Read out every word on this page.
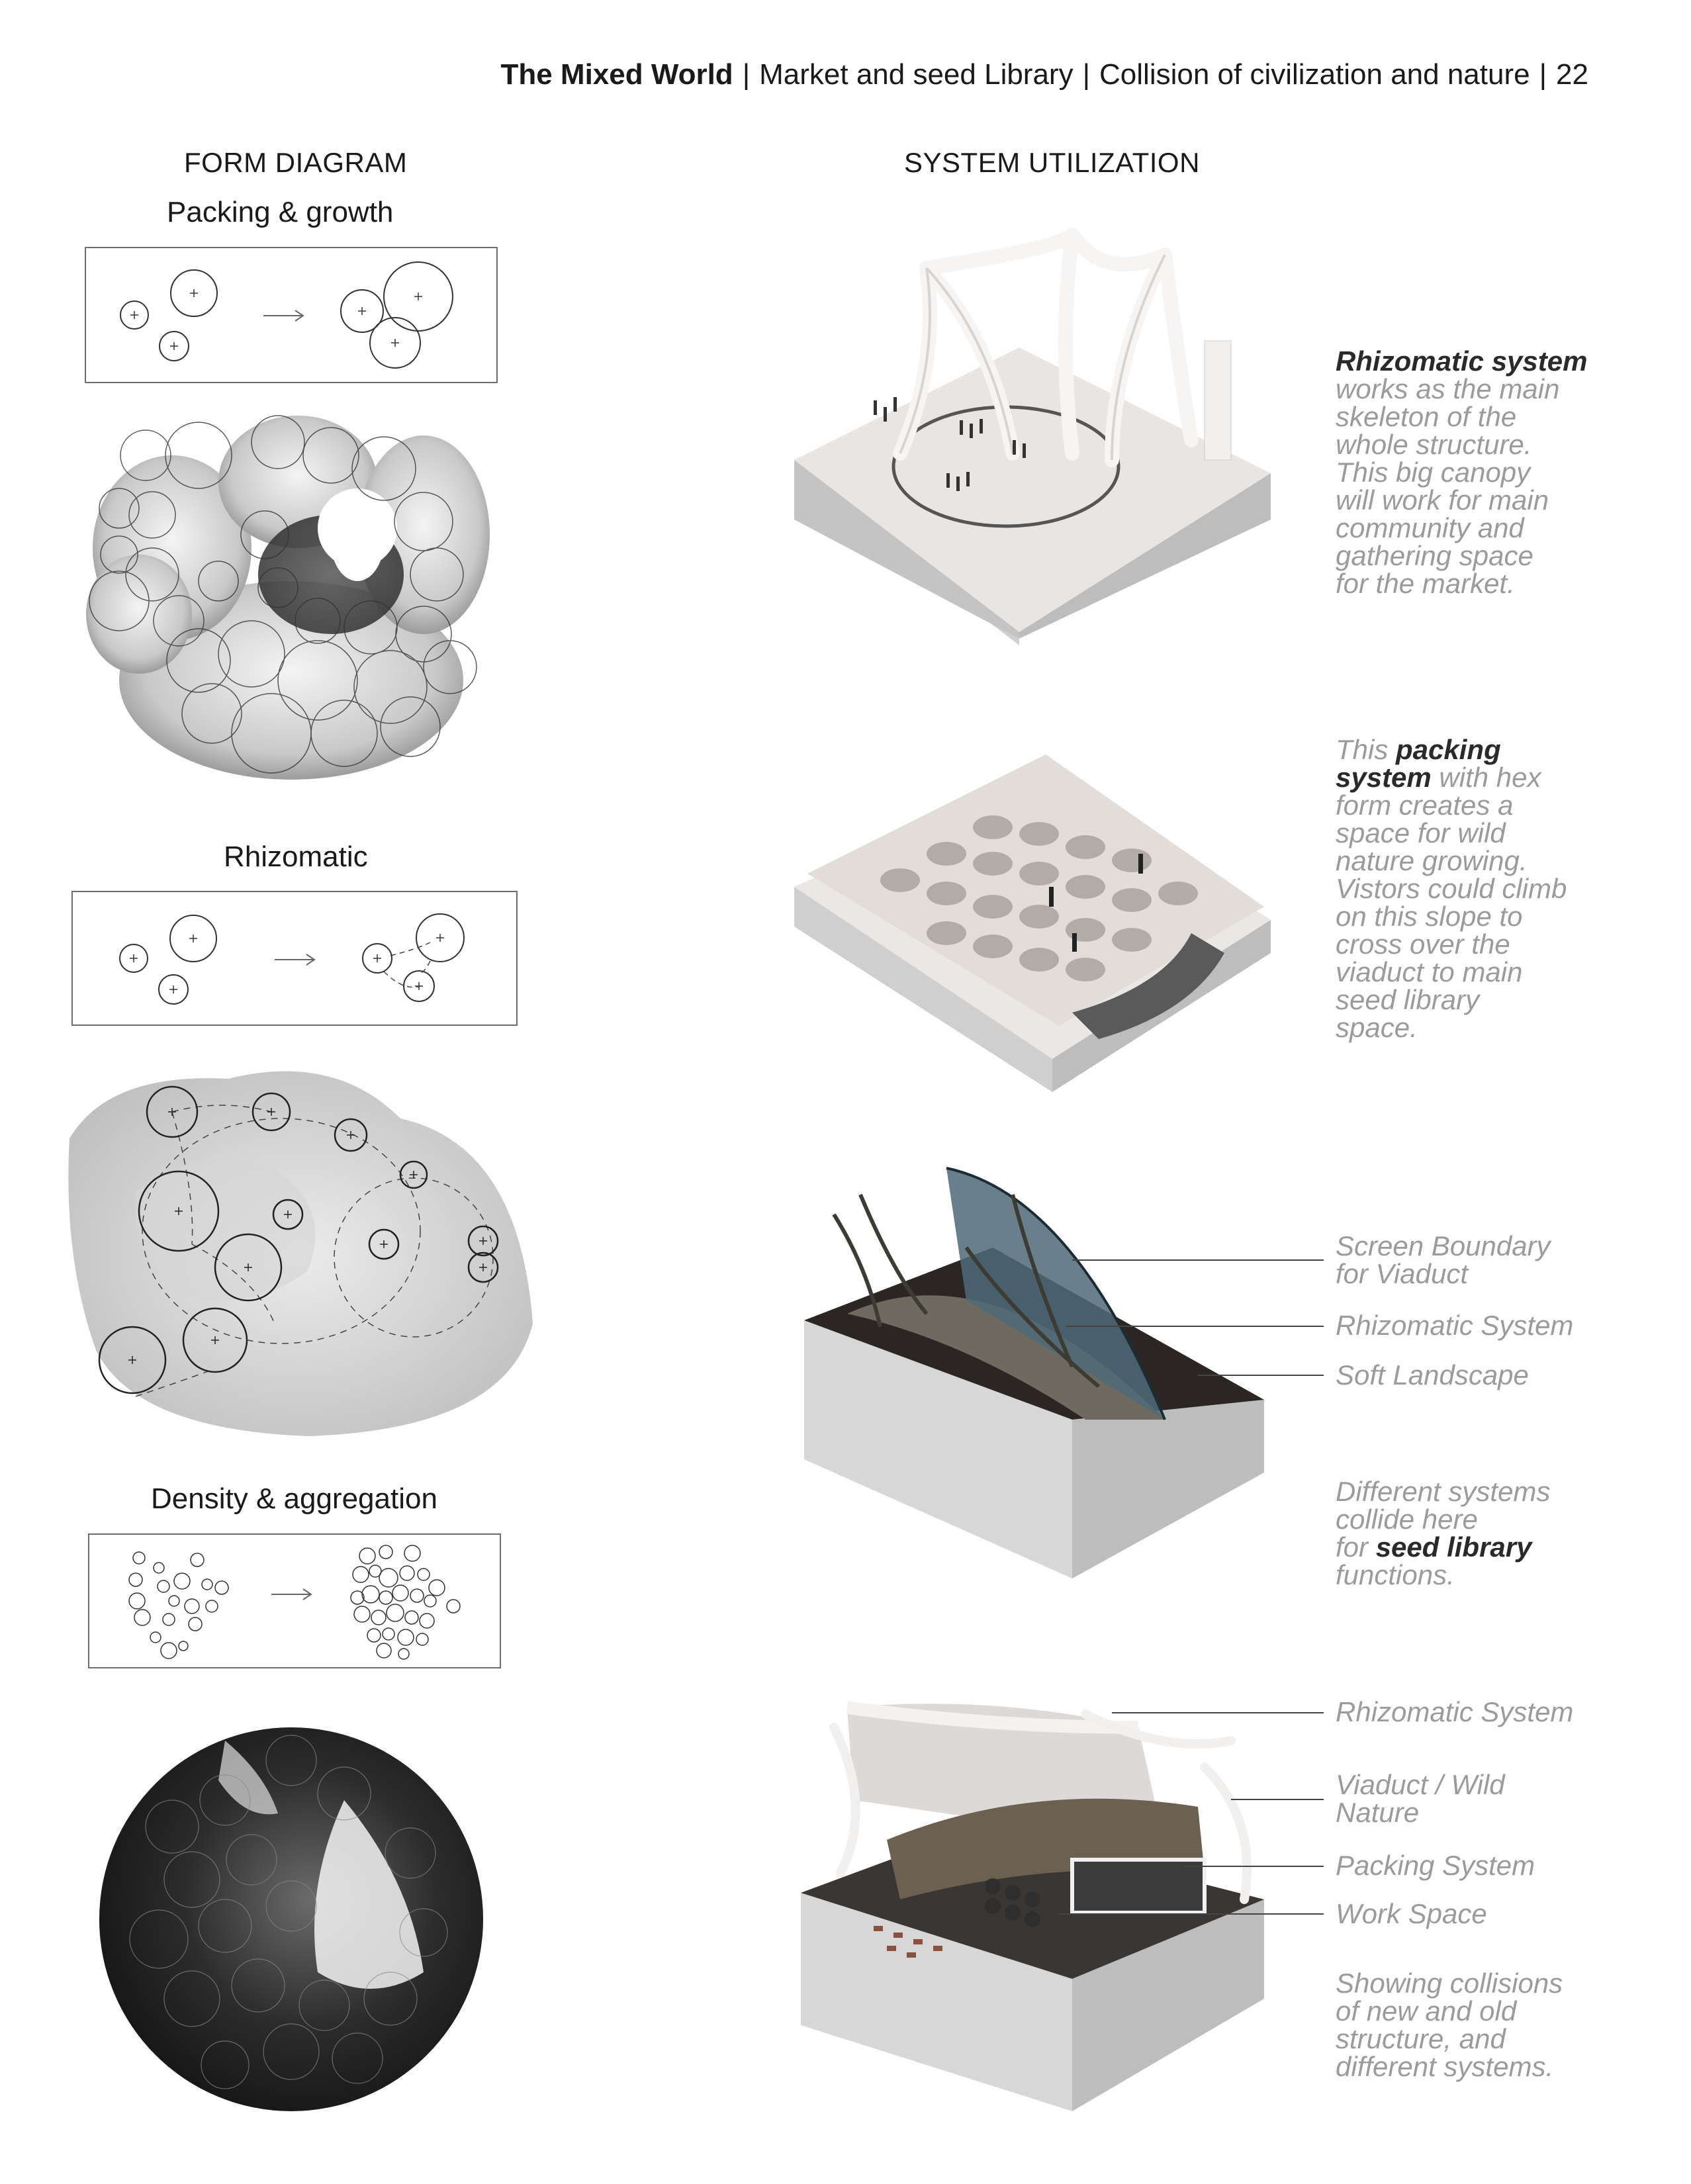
The Mixed World | Market and seed Library | Collision of civilization and nature | 22
FORM DIAGRAM	SYSTEM UTILIZATION
Packing & growth
Rhizomatic
Density & aggregation
Rhizomatic system
works as the main
skeleton of the
whole structure.
This big canopy
will work for main
community and
gathering space
for the market.
This packing
system with hex
form creates a
space for wild
nature growing.
Vistors could climb
on this slope to
cross over the
viaduct to main
seed library
space.
Screen Boundary
for Viaduct
Rhizomatic System
Soft Landscape
Different systems
collide here
for seed library
functions.
Rhizomatic System
Viaduct / Wild
Nature
Packing System
Work Space
Showing collisions
of new and old
structure, and
different systems.
